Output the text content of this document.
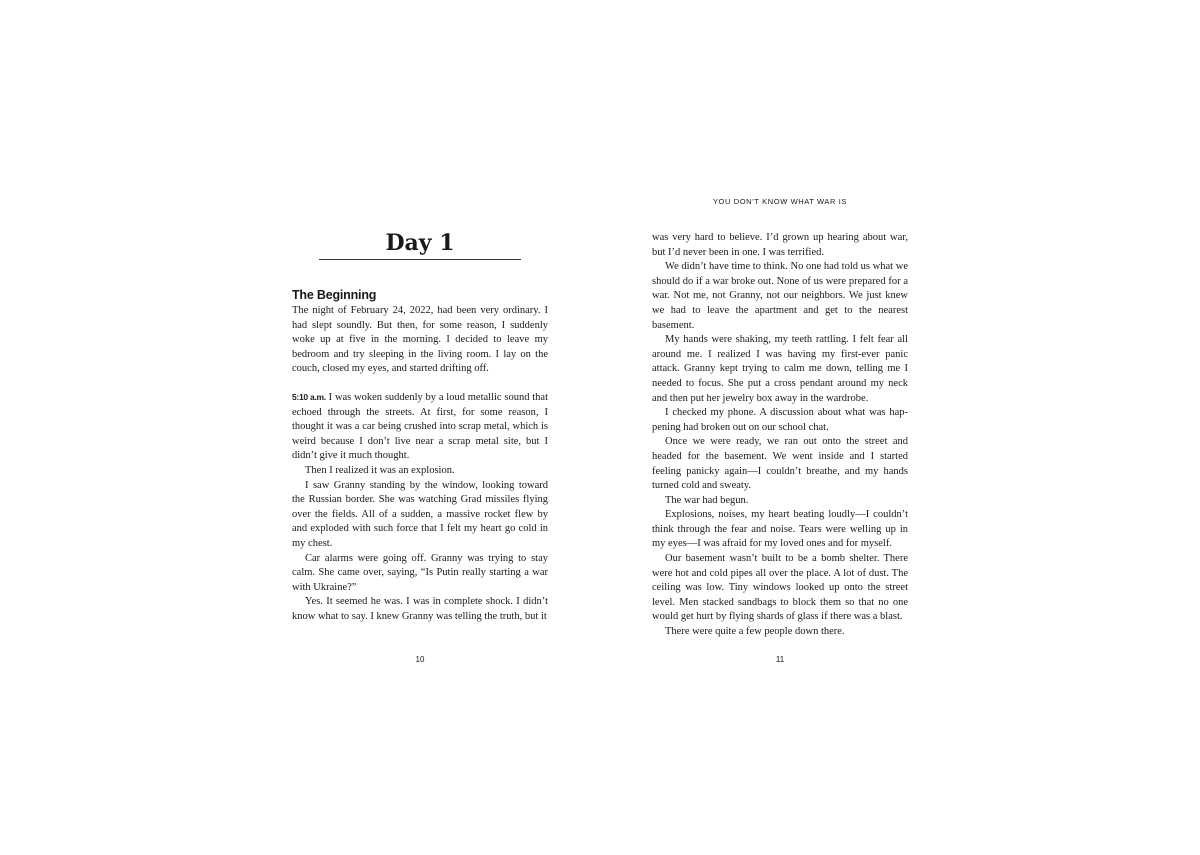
Day 1
The Beginning

The night of February 24, 2022, had been very ordinary. I had slept soundly. But then, for some reason, I suddenly woke up at five in the morning. I decided to leave my bedroom and try sleeping in the living room. I lay on the couch, closed my eyes, and started drifting off.

5:10 a.m. I was woken suddenly by a loud metallic sound that echoed through the streets. At first, for some reason, I thought it was a car being crushed into scrap metal, which is weird because I don’t live near a scrap metal site, but I didn’t give it much thought.

Then I realized it was an explosion.

I saw Granny standing by the window, looking toward the Russian border. She was watching Grad missiles flying over the fields. All of a sudden, a massive rocket flew by and exploded with such force that I felt my heart go cold in my chest.

Car alarms were going off. Granny was trying to stay calm. She came over, saying, “Is Putin really starting a war with Ukraine?”

Yes. It seemed he was. I was in complete shock. I didn’t know what to say. I knew Granny was telling the truth, but it

10
YOU DON’T KNOW WHAT WAR IS

was very hard to believe. I’d grown up hearing about war, but I’d never been in one. I was terrified.

We didn’t have time to think. No one had told us what we should do if a war broke out. None of us were prepared for a war. Not me, not Granny, not our neighbors. We just knew we had to leave the apartment and get to the nearest basement.

My hands were shaking, my teeth rattling. I felt fear all around me. I realized I was having my first-ever panic attack. Granny kept trying to calm me down, telling me I needed to focus. She put a cross pendant around my neck and then put her jewelry box away in the wardrobe.

I checked my phone. A discussion about what was happening had broken out on our school chat.

Once we were ready, we ran out onto the street and headed for the basement. We went inside and I started feeling panicky again—I couldn’t breathe, and my hands turned cold and sweaty.

The war had begun.

Explosions, noises, my heart beating loudly—I couldn’t think through the fear and noise. Tears were welling up in my eyes—I was afraid for my loved ones and for myself.

Our basement wasn’t built to be a bomb shelter. There were hot and cold pipes all over the place. A lot of dust. The ceiling was low. Tiny windows looked up onto the street level. Men stacked sandbags to block them so that no one would get hurt by flying shards of glass if there was a blast.

There were quite a few people down there.

11
